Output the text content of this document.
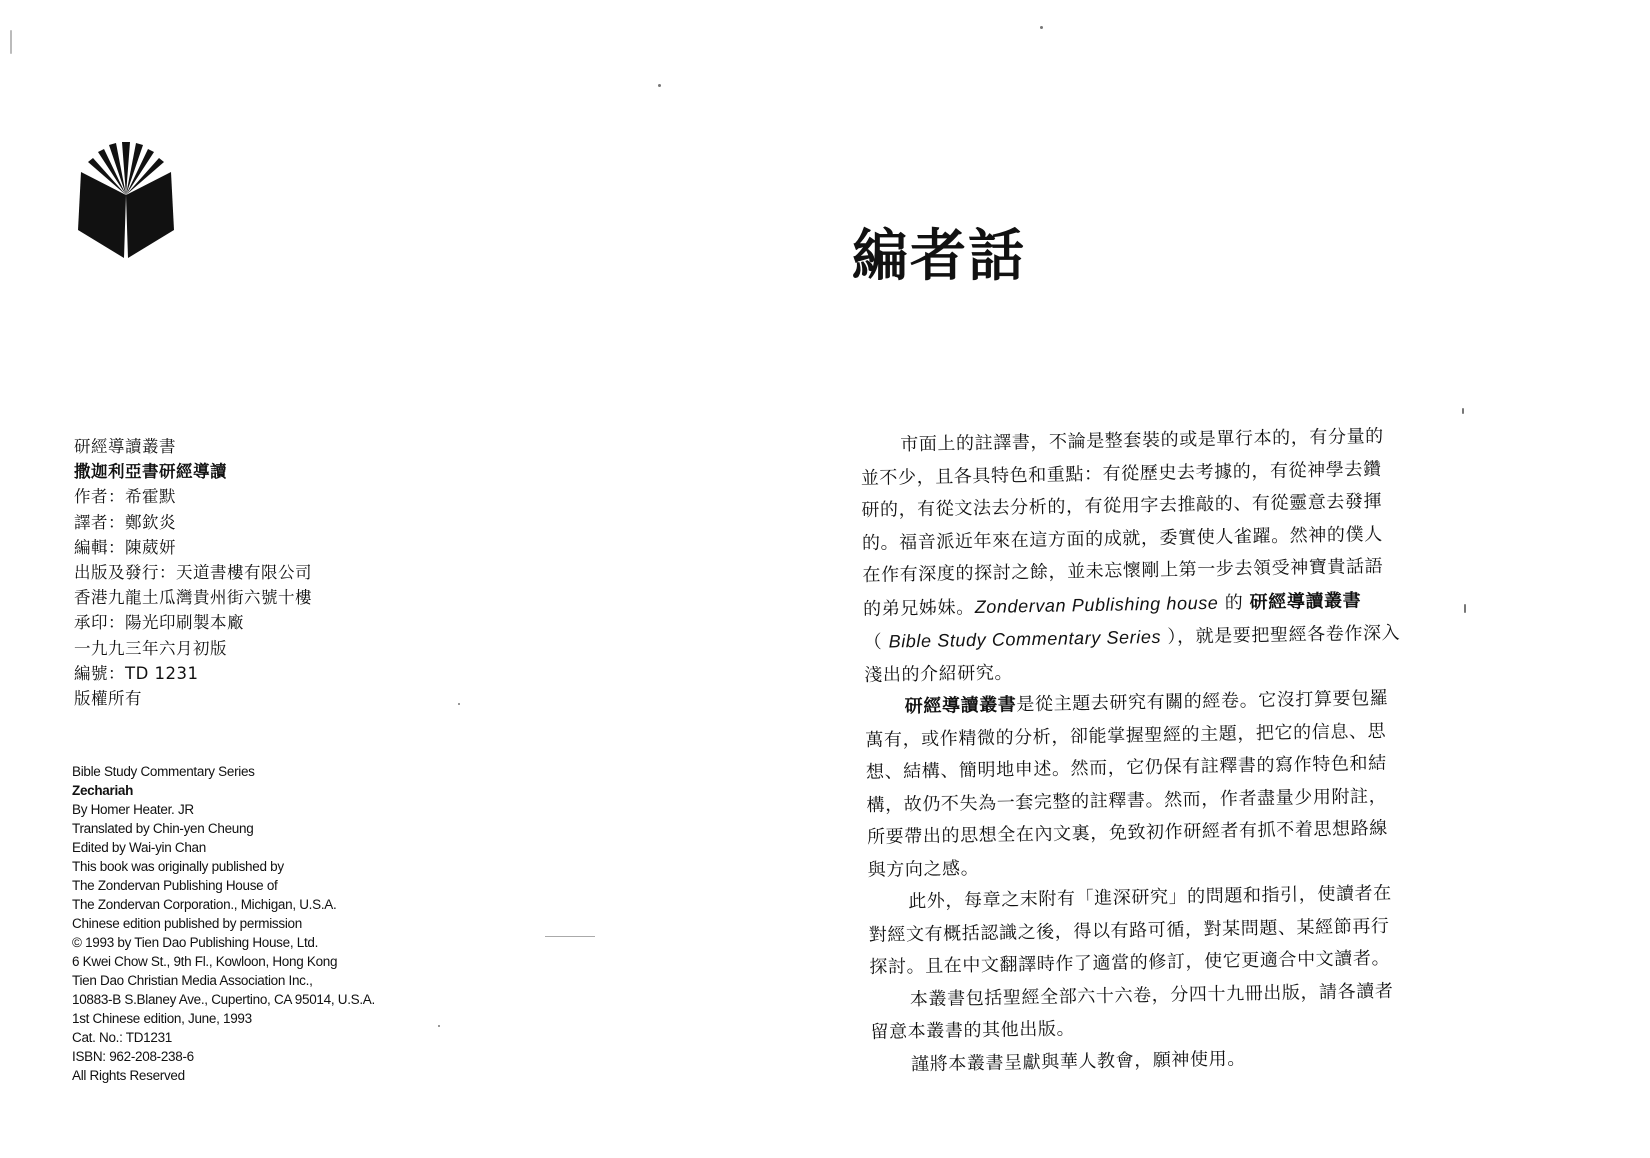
研經導讀叢書
撒迦利亞書研經導讀
作者：希霍默
譯者：鄭欽炎
編輯：陳葳妍
出版及發行：天道書樓有限公司
香港九龍土瓜灣貴州街六號十樓
承印：陽光印刷製本廠
一九九三年六月初版
編號：TD 1231
版權所有
Bible Study Commentary Series
Zechariah
By Homer Heater. JR
Translated by Chin-yen Cheung
Edited by Wai-yin Chan
This book was originally published by
The Zondervan Publishing House of
The Zondervan Corporation., Michigan, U.S.A.
Chinese edition published by permission
© 1993 by Tien Dao Publishing House, Ltd.
6 Kwei Chow St., 9th Fl., Kowloon, Hong Kong
Tien Dao Christian Media Association Inc.,
10883-B S.Blaney Ave., Cupertino, CA 95014, U.S.A.
1st Chinese edition, June, 1993
Cat. No.: TD1231
ISBN: 962-208-238-6
All Rights Reserved
編者話
市面上的註譯書，不論是整套裝的或是單行本的，有分量的
並不少，且各具特色和重點：有從歷史去考據的，有從神學去鑽
研的，有從文法去分析的，有從用字去推敲的、有從靈意去發揮
的。福音派近年來在這方面的成就，委實使人雀躍。然神的僕人
在作有深度的探討之餘，並未忘懷剛上第一步去領受神寶貴話語
的弟兄姊妹。Zondervan Publishing house 的 研經導讀叢書
（ Bible Study Commentary Series ），就是要把聖經各卷作深入
淺出的介紹研究。
研經導讀叢書是從主題去研究有關的經卷。它沒打算要包羅
萬有，或作精微的分析，卻能掌握聖經的主題，把它的信息、思
想、結構、簡明地申述。然而，它仍保有註釋書的寫作特色和結
構，故仍不失為一套完整的註釋書。然而，作者盡量少用附註，
所要帶出的思想全在內文裏，免致初作研經者有抓不着思想路線
與方向之感。
此外，每章之末附有「進深研究」的問題和指引，使讀者在
對經文有概括認識之後，得以有路可循，對某問題、某經節再行
探討。且在中文翻譯時作了適當的修訂，使它更適合中文讀者。
本叢書包括聖經全部六十六卷，分四十九冊出版，請各讀者
留意本叢書的其他出版。
謹將本叢書呈獻與華人教會，願神使用。
